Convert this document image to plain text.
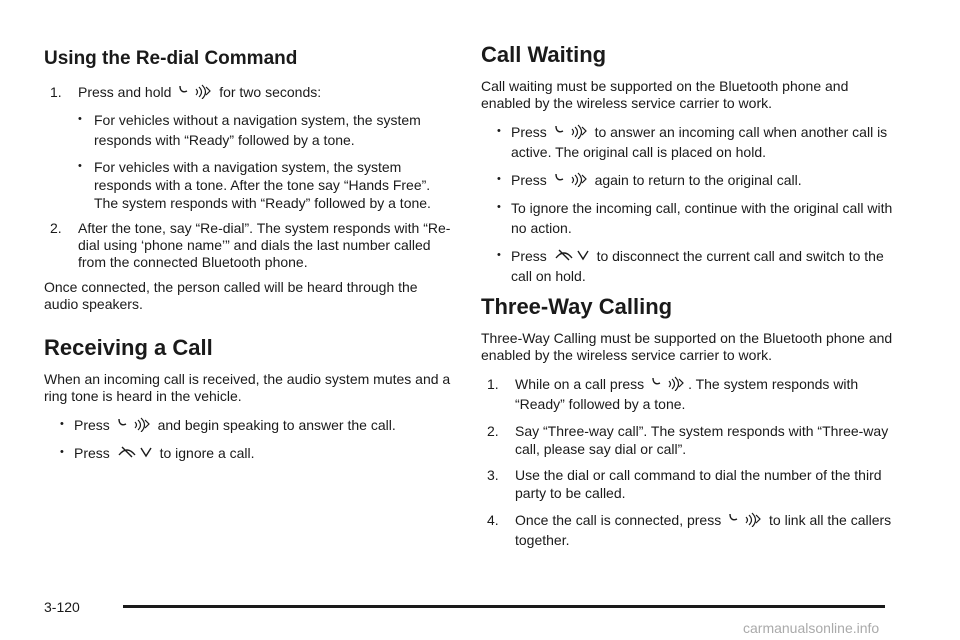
Using the Re-dial Command
1. Press and hold	for two seconds:
• For vehicles without a navigation system, the system responds with “Ready” followed by a tone.
• For vehicles with a navigation system, the system responds with a tone. After the tone say “Hands Free”. The system responds with “Ready” followed by a tone.
2. After the tone, say “Re-dial”. The system responds with “Re-dial using ‘phone name’” and dials the last number called from the connected Bluetooth phone.

Once connected, the person called will be heard through the audio speakers.

Receiving a Call

When an incoming call is received, the audio system mutes and a ring tone is heard in the vehicle.

• Press	and begin speaking to answer the call.
• Press	to ignore a call.
Call Waiting

Call waiting must be supported on the Bluetooth phone and enabled by the wireless service carrier to work.

• Press	to answer an incoming call when another call is active. The original call is placed on hold.
• Press	again to return to the original call.
• To ignore the incoming call, continue with the original call with no action.
• Press	to disconnect the current call and switch to the call on hold.
Three-Way Calling

Three-Way Calling must be supported on the Bluetooth phone and enabled by the wireless service carrier to work.

1. While on a call press	. The system responds with “Ready” followed by a tone.
2. Say “Three-way call”. The system responds with “Three-way call, please say dial or call”.
3. Use the dial or call command to dial the number of the third party to be called.
4. Once the call is connected, press	to link all the callers together.
3-120
carmanualsonline.info
